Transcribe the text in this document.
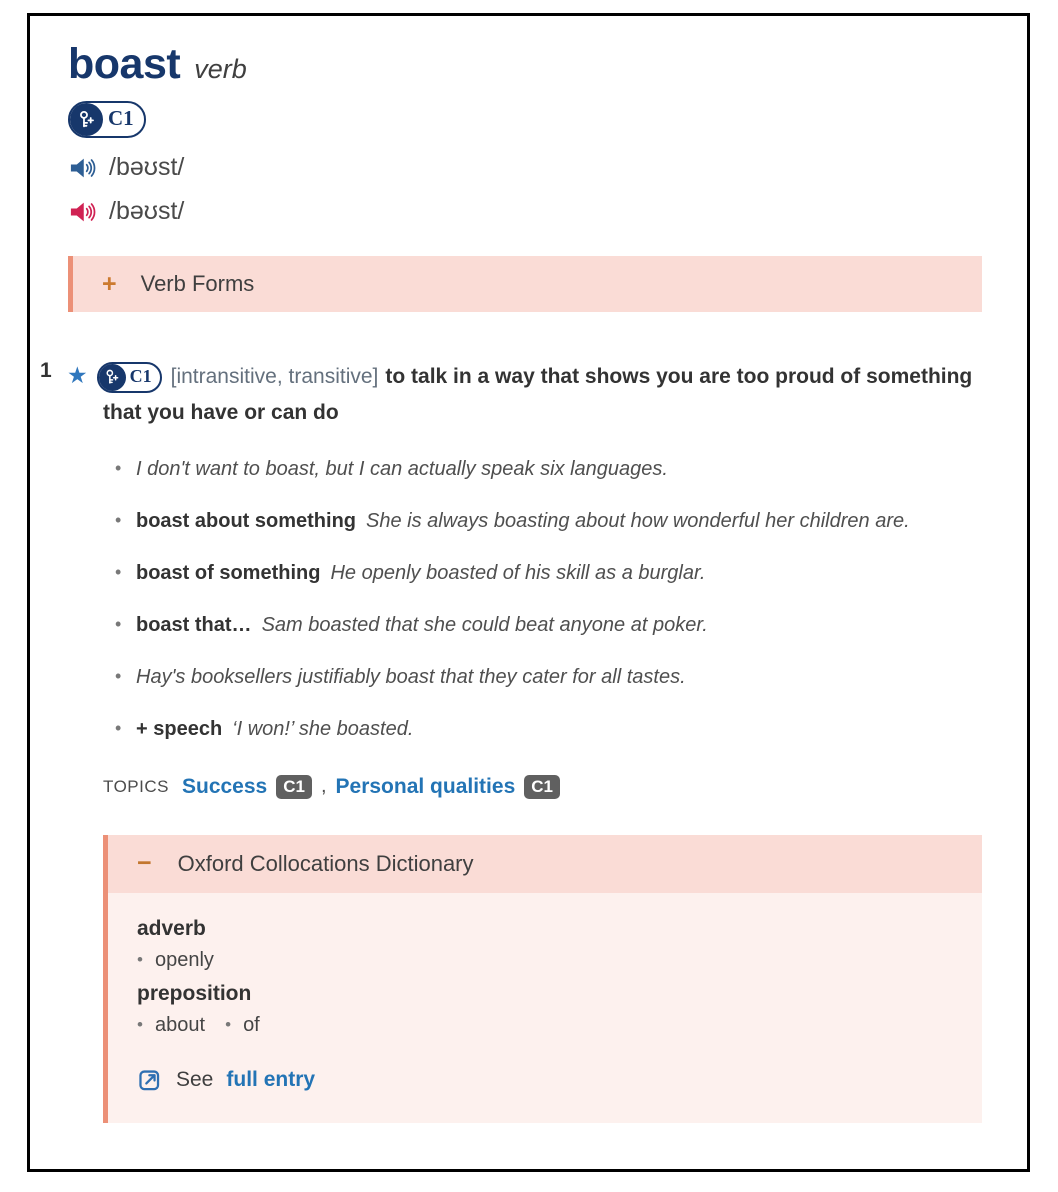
boast verb
C1
/bəʊst/
/bəʊst/
+ Verb Forms
1 ★ C1 [intransitive, transitive] to talk in a way that shows you are too proud of something that you have or can do

• I don't want to boast, but I can actually speak six languages.
• boast about something She is always boasting about how wonderful her children are.
• boast of something He openly boasted of his skill as a burglar.
• boast that… Sam boasted that she could beat anyone at poker.
• Hay's booksellers justifiably boast that they cater for all tastes.
• + speech ‘I won!’ she boasted.
TOPICS Success C1 , Personal qualities C1
− Oxford Collocations Dictionary
adverb
• openly
preposition
• about	• of
See full entry
